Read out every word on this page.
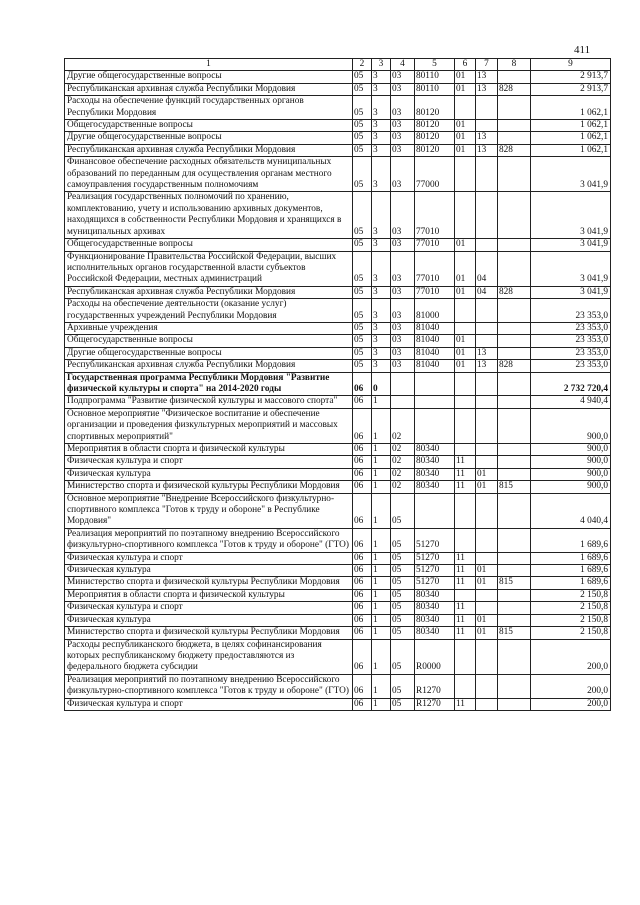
411
1	2	3	4	5	6	7	8	9
Другие общегосударственные вопросы	05	3	03	80110	01	13		2 913,7
Республиканская архивная служба Республики Мордовия	05	3	03	80110	01	13	828	2 913,7
Расходы на обеспечение функций государственных органов Республики Мордовия	05	3	03	80120				1 062,1
Общегосударственные вопросы	05	3	03	80120	01			1 062,1
Другие общегосударственные вопросы	05	3	03	80120	01	13		1 062,1
Республиканская архивная служба Республики Мордовия	05	3	03	80120	01	13	828	1 062,1
Финансовое обеспечение расходных обязательств муниципальных образований по переданным для осуществления органам местного самоуправления государственным полномочиям	05	3	03	77000				3 041,9
Реализация государственных полномочий по хранению, комплектованию, учету и использованию архивных документов, находящихся в собственности Республики Мордовия и хранящихся в муниципальных архивах	05	3	03	77010				3 041,9
Общегосударственные вопросы	05	3	03	77010	01			3 041,9
Функционирование Правительства Российской Федерации, высших исполнительных органов государственной власти субъектов Российской Федерации, местных администраций	05	3	03	77010	01	04		3 041,9
Республиканская архивная служба Республики Мордовия	05	3	03	77010	01	04	828	3 041,9
Расходы на обеспечение деятельности (оказание услуг) государственных учреждений Республики Мордовия	05	3	03	81000				23 353,0
Архивные учреждения	05	3	03	81040				23 353,0
Общегосударственные вопросы	05	3	03	81040	01			23 353,0
Другие общегосударственные вопросы	05	3	03	81040	01	13		23 353,0
Республиканская архивная служба Республики Мордовия	05	3	03	81040	01	13	828	23 353,0
Государственная программа Республики Мордовия "Развитие физической культуры и спорта" на 2014-2020 годы	06	0						2 732 720,4
Подпрограмма "Развитие физической культуры и массового спорта"	06	1						4 940,4
Основное мероприятие "Физическое воспитание и обеспечение организации и проведения физкультурных мероприятий и массовых спортивных мероприятий"	06	1	02					900,0
Мероприятия в области спорта и физической культуры	06	1	02	80340				900,0
Физическая культура и спорт	06	1	02	80340	11			900,0
Физическая культура	06	1	02	80340	11	01		900,0
Министерство спорта и физической культуры Республики Мордовия	06	1	02	80340	11	01	815	900,0
Основное мероприятие "Внедрение Всероссийского физкультурно-спортивного комплекса "Готов к труду и обороне" в Республике Мордовия"	06	1	05					4 040,4
Реализация мероприятий по поэтапному внедрению Всероссийского физкультурно-спортивного комплекса "Готов к труду и обороне" (ГТО)	06	1	05	51270				1 689,6
Физическая культура и спорт	06	1	05	51270	11			1 689,6
Физическая культура	06	1	05	51270	11	01		1 689,6
Министерство спорта и физической культуры Республики Мордовия	06	1	05	51270	11	01	815	1 689,6
Мероприятия в области спорта и физической культуры	06	1	05	80340				2 150,8
Физическая культура и спорт	06	1	05	80340	11			2 150,8
Физическая культура	06	1	05	80340	11	01		2 150,8
Министерство спорта и физической культуры Республики Мордовия	06	1	05	80340	11	01	815	2 150,8
Расходы республиканского бюджета, в целях софинансирования которых республиканскому бюджету предоставляются из федерального бюджета субсидии	06	1	05	R0000				200,0
Реализация мероприятий по поэтапному внедрению Всероссийского физкультурно-спортивного комплекса "Готов к труду и обороне" (ГТО)	06	1	05	R1270				200,0
Физическая культура и спорт	06	1	05	R1270	11			200,0
